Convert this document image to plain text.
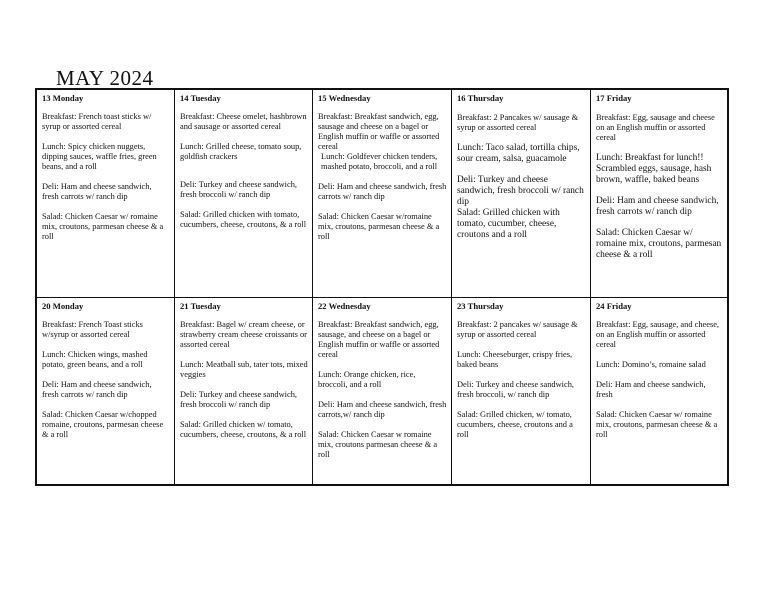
MAY 2024
13 Monday
Breakfast: French toast sticks w/ syrup or assorted cereal
Lunch: Spicy chicken nuggets, dipping sauces, waffle fries, green beans, and a roll
Deli: Ham and cheese sandwich, fresh carrots w/ ranch dip
Salad: Chicken Caesar w/ romaine mix, croutons, parmesan cheese & a roll
14 Tuesday
Breakfast: Cheese omelet, hashbrown and sausage or assorted cereal
Lunch: Grilled cheese, tomato soup, goldfish crackers
Deli: Turkey and cheese sandwich, fresh broccoli w/ ranch dip
Salad: Grilled chicken with tomato, cucumbers, cheese, croutons, & a roll
15 Wednesday
Breakfast: Breakfast sandwich, egg, sausage and cheese on a bagel or English muffin or waffle or assorted cereal
Lunch: Goldfever chicken tenders, mashed potato, broccoli, and a roll
Deli: Ham and cheese sandwich, fresh carrots w/ ranch dip
Salad: Chicken Caesar w/romaine mix, croutons, parmesan cheese & a roll
16 Thursday
Breakfast: 2 Pancakes w/ sausage & syrup or assorted cereal
Lunch: Taco salad, tortilla chips, sour cream, salsa, guacamole
Deli: Turkey and cheese sandwich, fresh broccoli w/ ranch dip
Salad: Grilled chicken with tomato, cucumber, cheese, croutons and a roll
17 Friday
Breakfast: Egg, sausage and cheese on an English muffin or assorted cereal
Lunch: Breakfast for lunch!! Scrambled eggs, sausage, hash brown, waffle, baked beans
Deli: Ham and cheese sandwich, fresh carrots w/ ranch dip
Salad: Chicken Caesar w/ romaine mix, croutons, parmesan cheese & a roll
20 Monday
Breakfast: French Toast sticks w/syrup or assorted cereal
Lunch: Chicken wings, mashed potato, green beans, and a roll
Deli: Ham and cheese sandwich, fresh carrots w/ ranch dip
Salad: Chicken Caesar w/chopped romaine, croutons, parmesan cheese & a roll
21 Tuesday
Breakfast: Bagel w/ cream cheese, or strawberry cream cheese croissants or assorted cereal
Lunch: Meatball sub, tater tots, mixed veggies
Deli: Turkey and cheese sandwich, fresh broccoli w/ ranch dip
Salad: Grilled chicken w/ tomato, cucumbers, cheese, croutons, & a roll
22 Wednesday
Breakfast: Breakfast sandwich, egg, sausage, and cheese on a bagel or English muffin or waffle or assorted cereal
Lunch: Orange chicken, rice, broccoli, and a roll
Deli: Ham and cheese sandwich, fresh carrots,w/ ranch dip
Salad: Chicken Caesar w romaine mix, croutons parmesan cheese & a roll
23 Thursday
Breakfast: 2 pancakes w/ sausage & syrup or assorted cereal
Lunch: Cheeseburger, crispy fries, baked beans
Deli: Turkey and cheese sandwich, fresh broccoli, w/ ranch dip
Salad: Grilled chicken, w/ tomato, cucumbers, cheese, croutons and a roll
24 Friday
Breakfast: Egg, sausage, and cheese, on an English muffin or assorted cereal
Lunch: Domino’s, romaine salad
Deli: Ham and cheese sandwich, fresh
Salad: Chicken Caesar w/ romaine mix, croutons, parmesan cheese & a roll
